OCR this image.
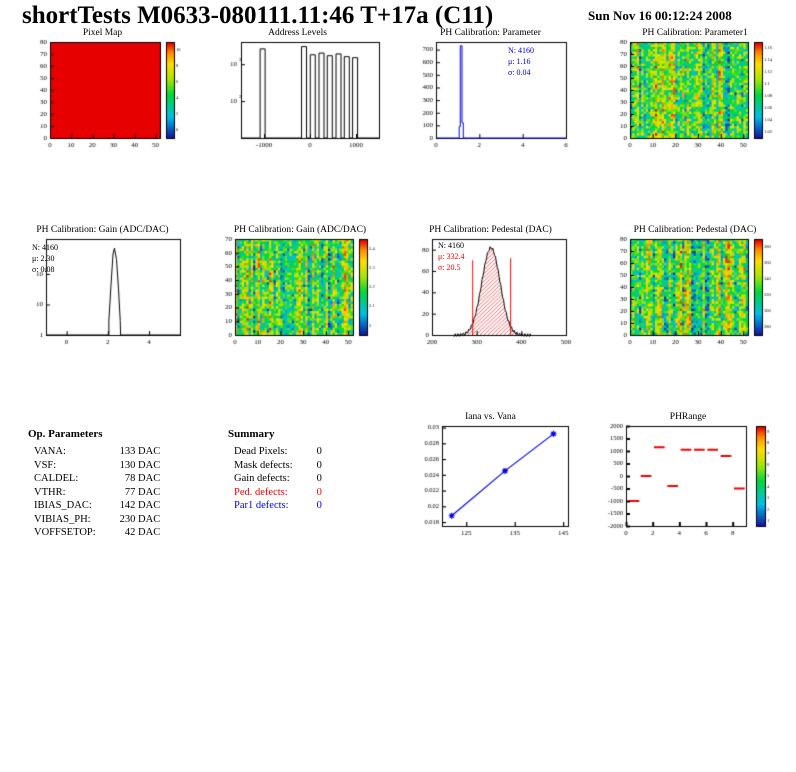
shortTests M0633-080111.11:46 T+17a (C11)	Sun Nov 16 00:12:24 2008
Pixel Map	Address Levels	PH Calibration: Parameter
N: 4160
μ: 1.16
σ: 0.04
PH Calibration: Parameter1
PH Calibration: Gain (ADC/DAC)
N: 4160
μ: 2.30
σ: 0.08
PH Calibration: Gain (ADC/DAC)	PH Calibration: Pedestal (DAC)
N: 4160
μ: 332.4
σ: 20.5
PH Calibration: Pedestal (DAC)
Op. Parameters
VANA:	133 DAC
VSF:	130 DAC
CALDEL:	78 DAC
VTHR:	77 DAC
IBIAS_DAC:	142 DAC
VIBIAS_PH:	230 DAC
VOFFSETOP:	42 DAC
Summary
Dead Pixels:	0
Mask defects:	0
Gain defects:	0
Ped. defects:	0
Par1 defects:	0
Iana vs. Vana	PHRange
